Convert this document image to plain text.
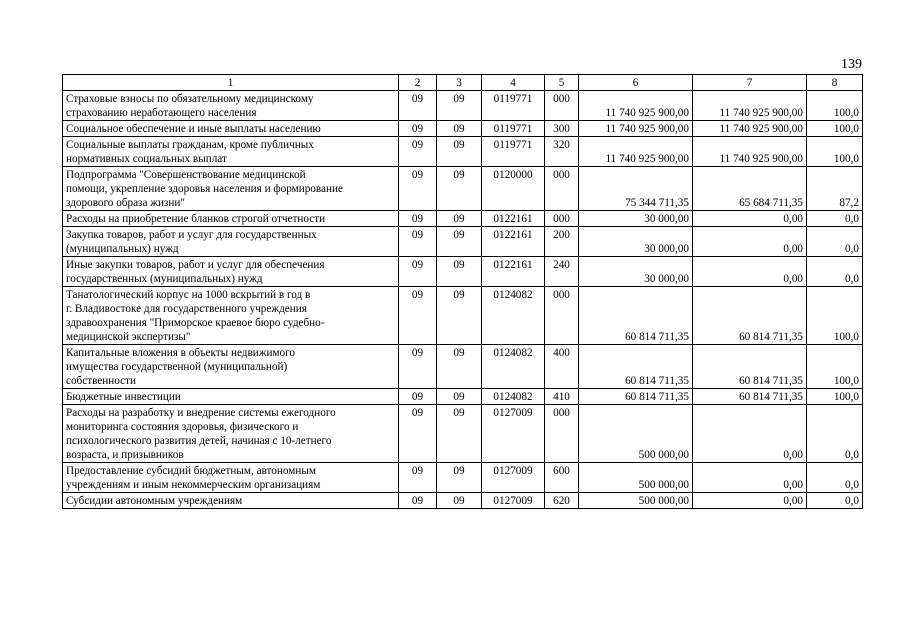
139
1	2	3	4	5	6	7	8

Страховые взносы по обязательному медицинскому
страхованию неработающего населения	09	09	0119771	000	11 740 925 900,00	11 740 925 900,00	100,0

Социальное обеспечение и иные выплаты населению	09	09	0119771	300	11 740 925 900,00	11 740 925 900,00	100,0

Социальные выплаты гражданам, кроме публичных
нормативных социальных выплат	09	09	0119771	320	11 740 925 900,00	11 740 925 900,00	100,0

Подпрограмма "Совершенствование медицинской
помощи, укрепление здоровья населения и формирование
здорового образа жизни"	09	09	0120000	000	75 344 711,35	65 684 711,35	87,2

Расходы на приобретение бланков строгой отчетности	09	09	0122161	000	30 000,00	0,00	0,0

Закупка товаров, работ и услуг для государственных
(муниципальных) нужд	09	09	0122161	200	30 000,00	0,00	0,0

Иные закупки товаров, работ и услуг для обеспечения
государственных (муниципальных) нужд	09	09	0122161	240	30 000,00	0,00	0,0

Танатологический корпус на 1000 вскрытий в год в
г. Владивостоке для государственного учреждения
здравоохранения "Приморское краевое бюро судебно-
медицинской экспертизы"	09	09	0124082	000	60 814 711,35	60 814 711,35	100,0

Капитальные вложения в объекты недвижимого
имущества государственной (муниципальной)
собственности	09	09	0124082	400	60 814 711,35	60 814 711,35	100,0

Бюджетные инвестиции	09	09	0124082	410	60 814 711,35	60 814 711,35	100,0

Расходы на разработку и внедрение системы ежегодного
мониторинга состояния здоровья, физического и
психологического развития детей, начиная с 10-летнего
возраста, и призывников	09	09	0127009	000	500 000,00	0,00	0,0

Предоставление субсидий бюджетным, автономным
учреждениям и иным некоммерческим организациям	09	09	0127009	600	500 000,00	0,00	0,0

Субсидии автономным учреждениям	09	09	0127009	620	500 000,00	0,00	0,0
